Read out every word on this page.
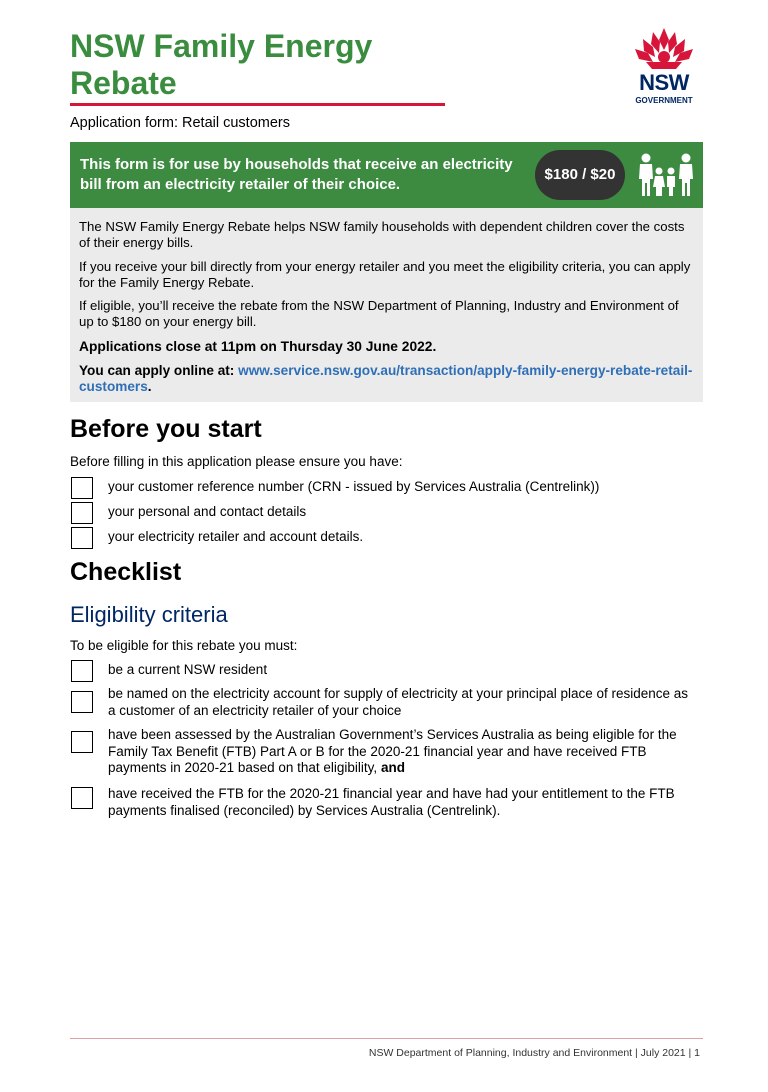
NSW Family Energy Rebate	NSW
GOVERNMENT
Application form: Retail customers
This form is for use by households that receive an electricity bill from an electricity retailer of their choice.
$180 / $20

The NSW Family Energy Rebate helps NSW family households with dependent children cover the costs of their energy bills.

If you receive your bill directly from your energy retailer and you meet the eligibility criteria, you can apply for the Family Energy Rebate.

If eligible, you’ll receive the rebate from the NSW Department of Planning, Industry and Environment of up to $180 on your energy bill.

Applications close at 11pm on Thursday 30 June 2022.

You can apply online at: www.service.nsw.gov.au/transaction/apply-family-energy-rebate-retail-customers.

Before you start
Before filling in this application please ensure you have:
your customer reference number (CRN - issued by Services Australia (Centrelink))
your personal and contact details
your electricity retailer and account details.
Checklist
Eligibility criteria
To be eligible for this rebate you must:
be a current NSW resident
be named on the electricity account for supply of electricity at your principal place of residence as a customer of an electricity retailer of your choice
have been assessed by the Australian Government’s Services Australia as being eligible for the Family Tax Benefit (FTB) Part A or B for the 2020-21 financial year and have received FTB payments in 2020-21 based on that eligibility, and
have received the FTB for the 2020-21 financial year and have had your entitlement to the FTB payments finalised (reconciled) by Services Australia (Centrelink).
NSW Department of Planning, Industry and Environment | July 2021 | 1
